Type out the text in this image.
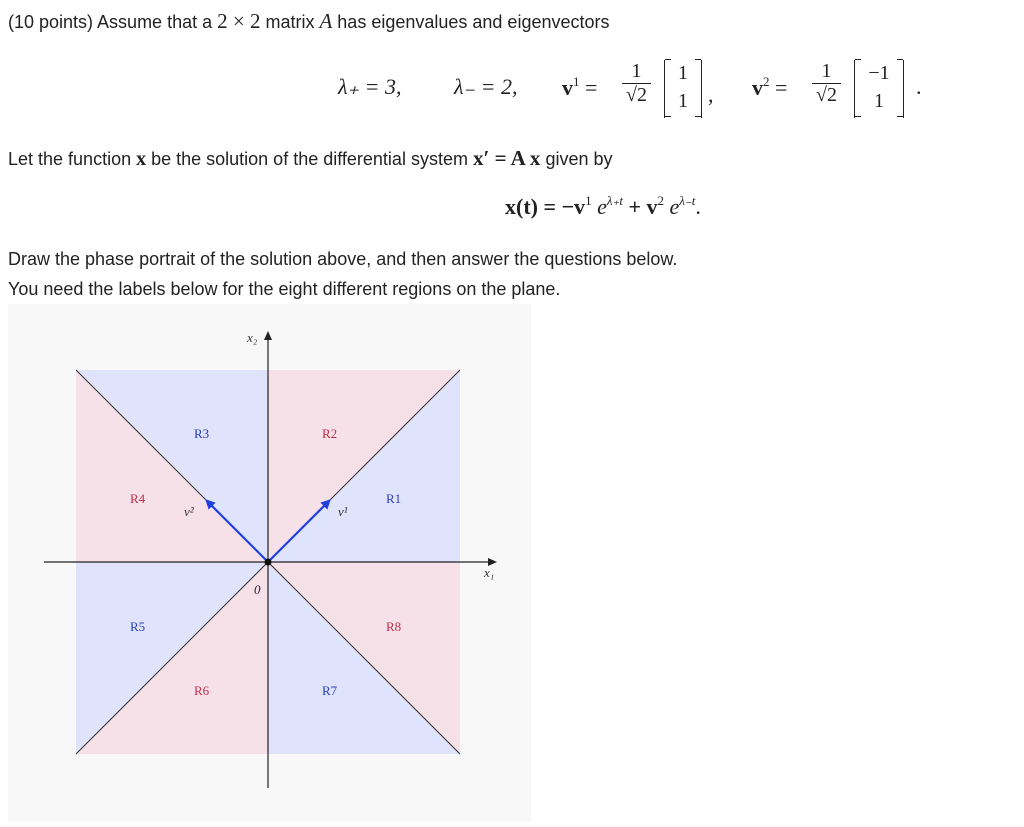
(10 points) Assume that a 2 × 2 matrix A has eigenvalues and eigenvectors
λ₊ = 3, λ₋ = 2, $v^1 = \frac{1}{√2}$	1
1 , $v^2 = \frac{1}{√2}$	−1
1
.
Let the function x be the solution of the differential system x′ = A x given by
$x(t) = -v^1$ $e^{\lambda_+t} + v^2$ $e^{\lambda_-t}$.
Draw the phase portrait of the solution above, and then answer the questions below.
You need the labels below for the eight different regions on the plane.
x₂
x₁
0
v¹
v²
R1
R2
R3
R4
R5
R6	R7
R8
